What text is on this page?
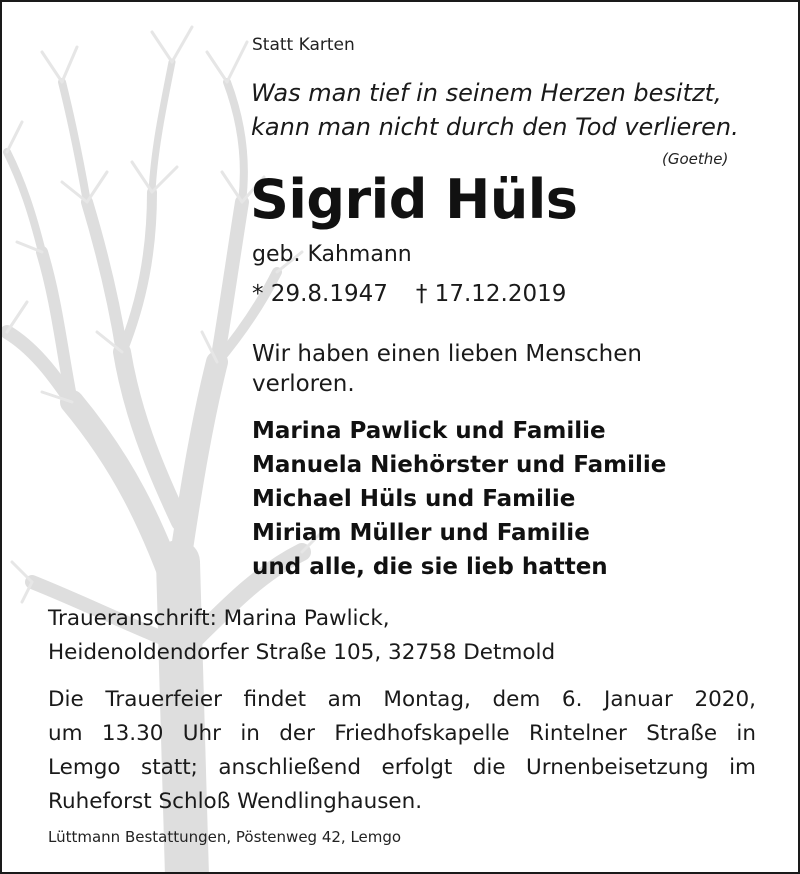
Statt Karten

Was man tief in seinem Herzen besitzt,
kann man nicht durch den Tod verlieren.

(Goethe)

Sigrid Hüls

geb. Kahmann

* 29.8.1947 † 17.12.2019

Wir haben einen lieben Menschen
verloren.
Marina Pawlick und Familie
Manuela Niehörster und Familie
Michael Hüls und Familie
Miriam Müller und Familie
und alle, die sie lieb hatten
Traueranschrift: Marina Pawlick,
Heidenoldendorfer Straße 105, 32758 Detmold
Die Trauerfeier findet am Montag, dem 6. Januar 2020,
um 13.30 Uhr in der Friedhofskapelle Rintelner Straße in
Lemgo statt; anschließend erfolgt die Urnenbeisetzung im
Ruheforst Schloß Wendlinghausen.

Lüttmann Bestattungen, Pöstenweg 42, Lemgo
